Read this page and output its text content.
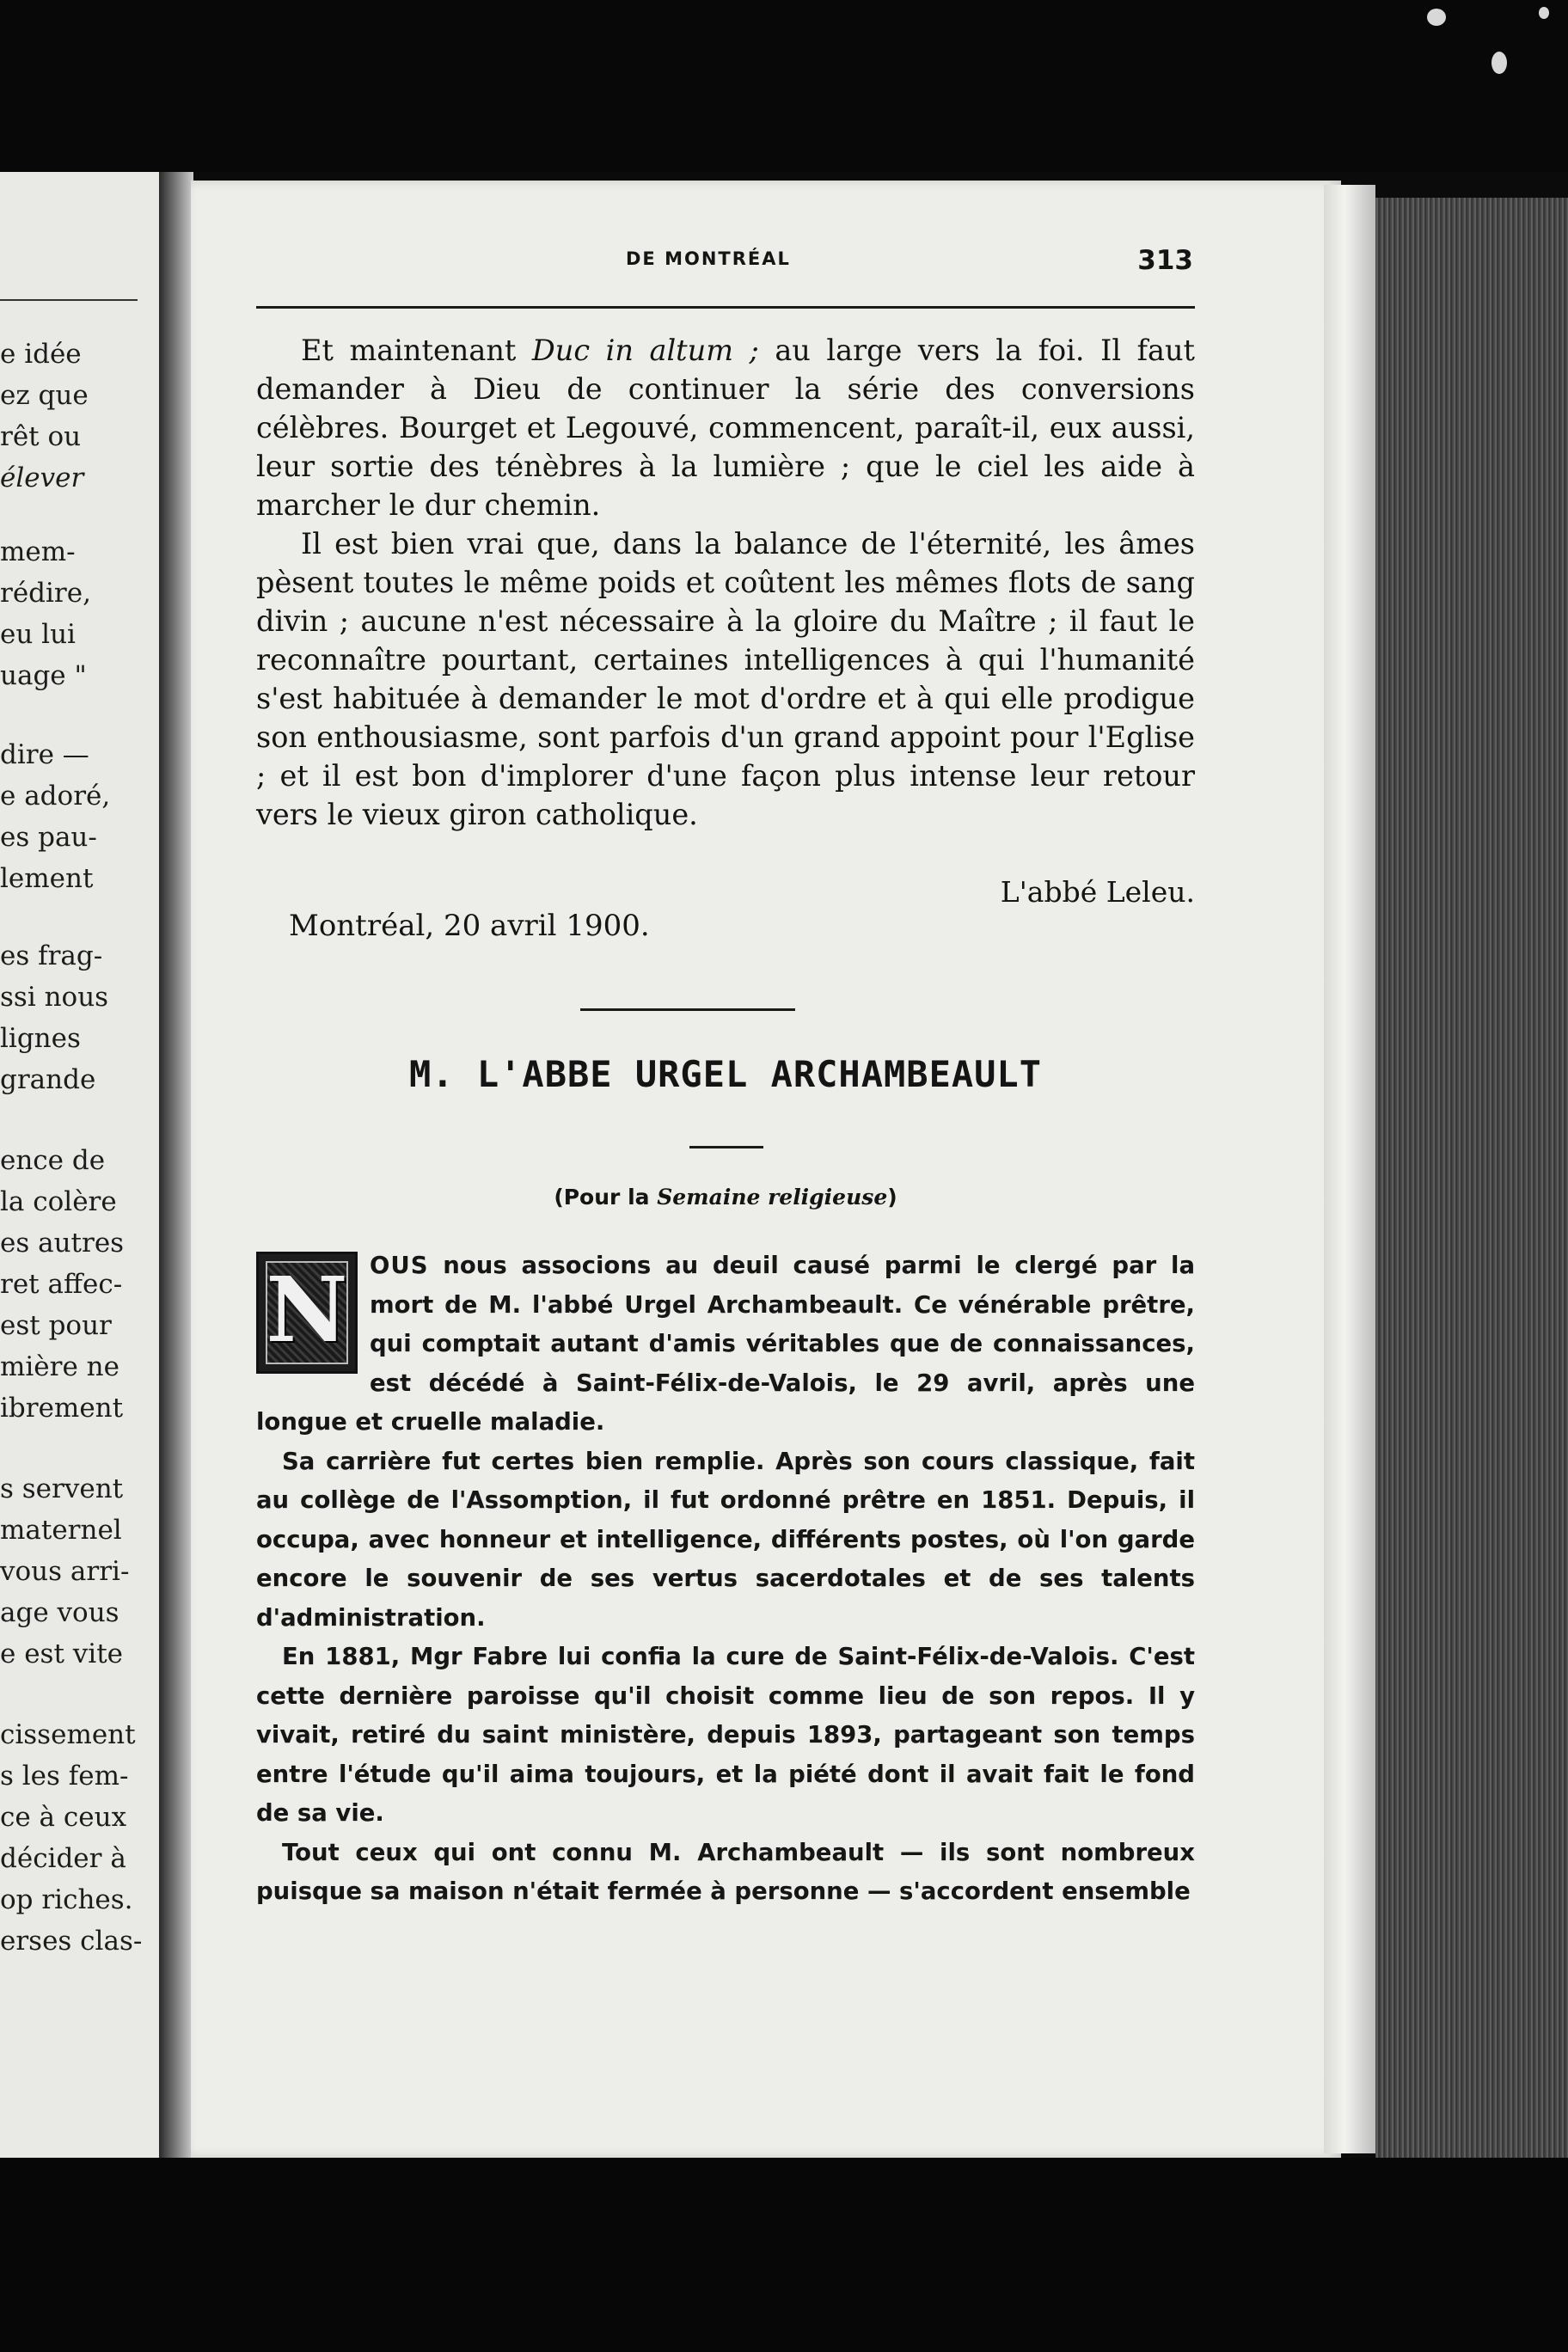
e idée
ez que
rêt ou
élever
mem-
rédire,
eu lui
uage "
dire —
e adoré,
es pau-
lement
es frag-
ssi nous
lignes
grande
ence de
la colère
es autres
ret affec-
est pour
mière ne
ibrement
s servent
maternel
vous arri-
age vous
e est vite
cissement
s les fem-
ce à ceux
décider à
op riches.
erses clas-
DE MONTRÉAL	313

Et maintenant Duc in altum ; au large vers la foi. Il faut demander à Dieu de continuer la série des conversions célèbres. Bourget et Legouvé, commencent, paraît-il, eux aussi, leur sortie des ténèbres à la lumière ; que le ciel les aide à marcher le dur chemin.

Il est bien vrai que, dans la balance de l'éternité, les âmes pèsent toutes le même poids et coûtent les mêmes flots de sang divin ; aucune n'est nécessaire à la gloire du Maître ; il faut le reconnaître pourtant, certaines intelligences à qui l'humanité s'est habituée à demander le mot d'ordre et à qui elle prodigue son enthousiasme, sont parfois d'un grand appoint pour l'Eglise ; et il est bon d'implorer d'une façon plus intense leur retour vers le vieux giron catholique.

L'abbé Leleu.
Montréal, 20 avril 1900.
M. L'ABBE URGEL ARCHAMBEAULT
(Pour la Semaine religieuse)

N OUS nous associons au deuil causé parmi le clergé par la mort de M. l'abbé Urgel Archambeault. Ce vénérable prêtre, qui comptait autant d'amis véritables que de connaissances, est décédé à Saint-Félix-de-Valois, le 29 avril, après une longue et cruelle maladie.

Sa carrière fut certes bien remplie. Après son cours classique, fait au collège de l'Assomption, il fut ordonné prêtre en 1851. Depuis, il occupa, avec honneur et intelligence, différents postes, où l'on garde encore le souvenir de ses vertus sacerdotales et de ses talents d'administration.

En 1881, Mgr Fabre lui confia la cure de Saint-Félix-de-Valois. C'est cette dernière paroisse qu'il choisit comme lieu de son repos. Il y vivait, retiré du saint ministère, depuis 1893, partageant son temps entre l'étude qu'il aima toujours, et la piété dont il avait fait le fond de sa vie.

Tout ceux qui ont connu M. Archambeault — ils sont nombreux puisque sa maison n'était fermée à personne — s'accordent ensemble
